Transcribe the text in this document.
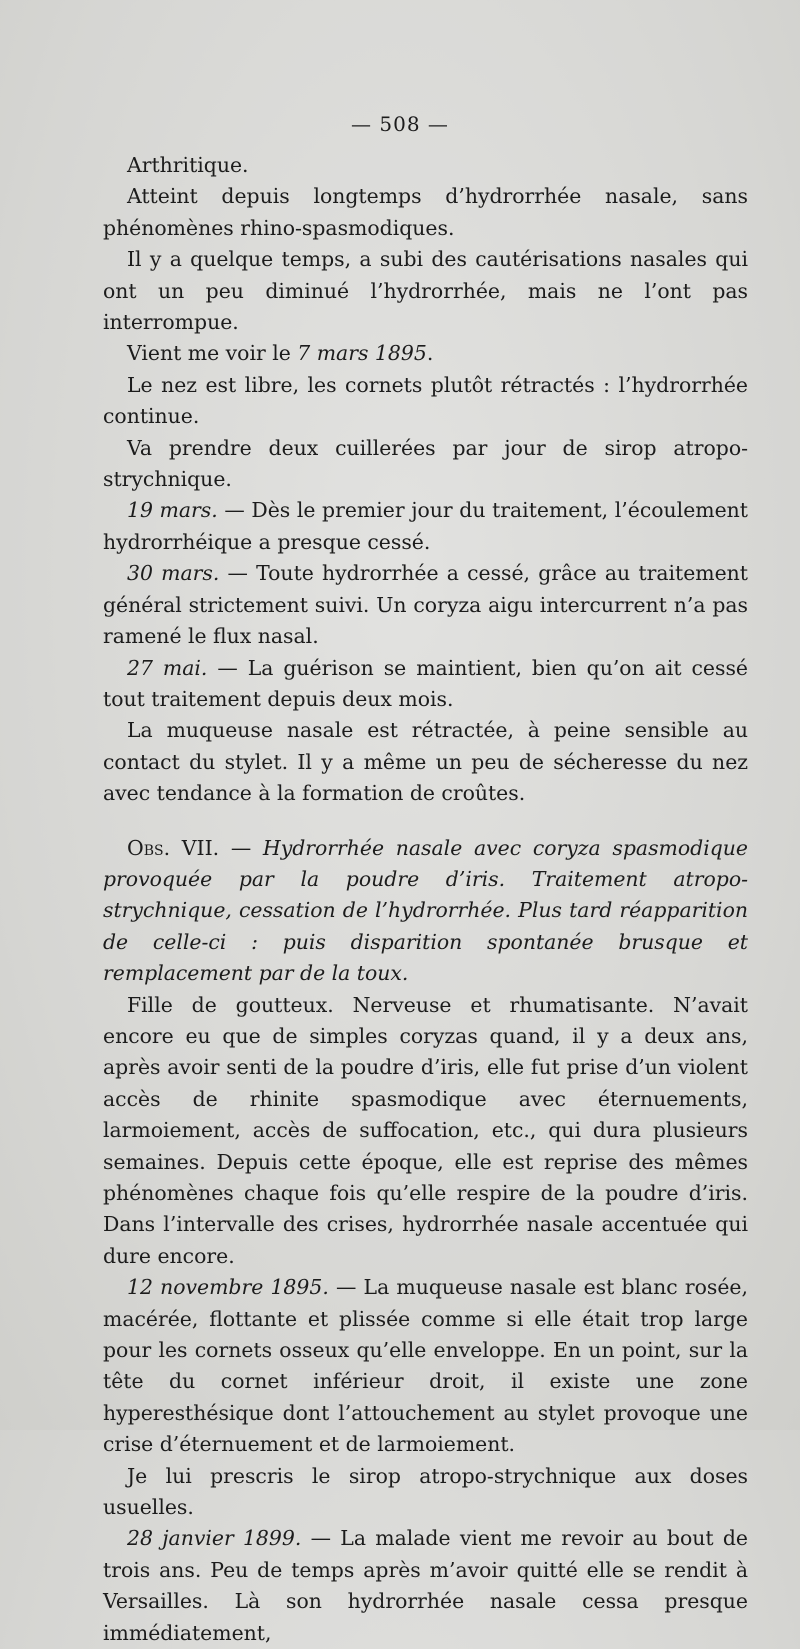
— 508 —

Arthritique.

Atteint depuis longtemps d’hydrorrhée nasale, sans phénomènes rhino-spasmodiques.

Il y a quelque temps, a subi des cautérisations nasales qui ont un peu diminué l’hydrorrhée, mais ne l’ont pas interrompue.

Vient me voir le 7 mars 1895.

Le nez est libre, les cornets plutôt rétractés : l’hydrorrhée continue.

Va prendre deux cuillerées par jour de sirop atropo-strychnique.

19 mars. — Dès le premier jour du traitement, l’écoulement hydrorrhéique a presque cessé.

30 mars. — Toute hydrorrhée a cessé, grâce au traitement général strictement suivi. Un coryza aigu intercurrent n’a pas ramené le flux nasal.

27 mai. — La guérison se maintient, bien qu’on ait cessé tout traitement depuis deux mois.

La muqueuse nasale est rétractée, à peine sensible au contact du stylet. Il y a même un peu de sécheresse du nez avec tendance à la formation de croûtes.

Obs. VII. — Hydrorrhée nasale avec coryza spasmodique provoquée par la poudre d’iris. Traitement atropo-strychnique, cessation de l’hydrorrhée. Plus tard réapparition de celle-ci : puis disparition spontanée brusque et remplacement par de la toux.

Fille de goutteux. Nerveuse et rhumatisante. N’avait encore eu que de simples coryzas quand, il y a deux ans, après avoir senti de la poudre d’iris, elle fut prise d’un violent accès de rhinite spasmodique avec éternuements, larmoiement, accès de suffocation, etc., qui dura plusieurs semaines. Depuis cette époque, elle est reprise des mêmes phénomènes chaque fois qu’elle respire de la poudre d’iris. Dans l’intervalle des crises, hydrorrhée nasale accentuée qui dure encore.

12 novembre 1895. — La muqueuse nasale est blanc rosée, macérée, flottante et plissée comme si elle était trop large pour les cornets osseux qu’elle enveloppe. En un point, sur la tête du cornet inférieur droit, il existe une zone hyperesthésique dont l’attouchement au stylet provoque une crise d’éternuement et de larmoiement.

Je lui prescris le sirop atropo-strychnique aux doses usuelles.

28 janvier 1899. — La malade vient me revoir au bout de trois ans. Peu de temps après m’avoir quitté elle se rendit à Versailles. Là son hydrorrhée nasale cessa presque immédiatement,
